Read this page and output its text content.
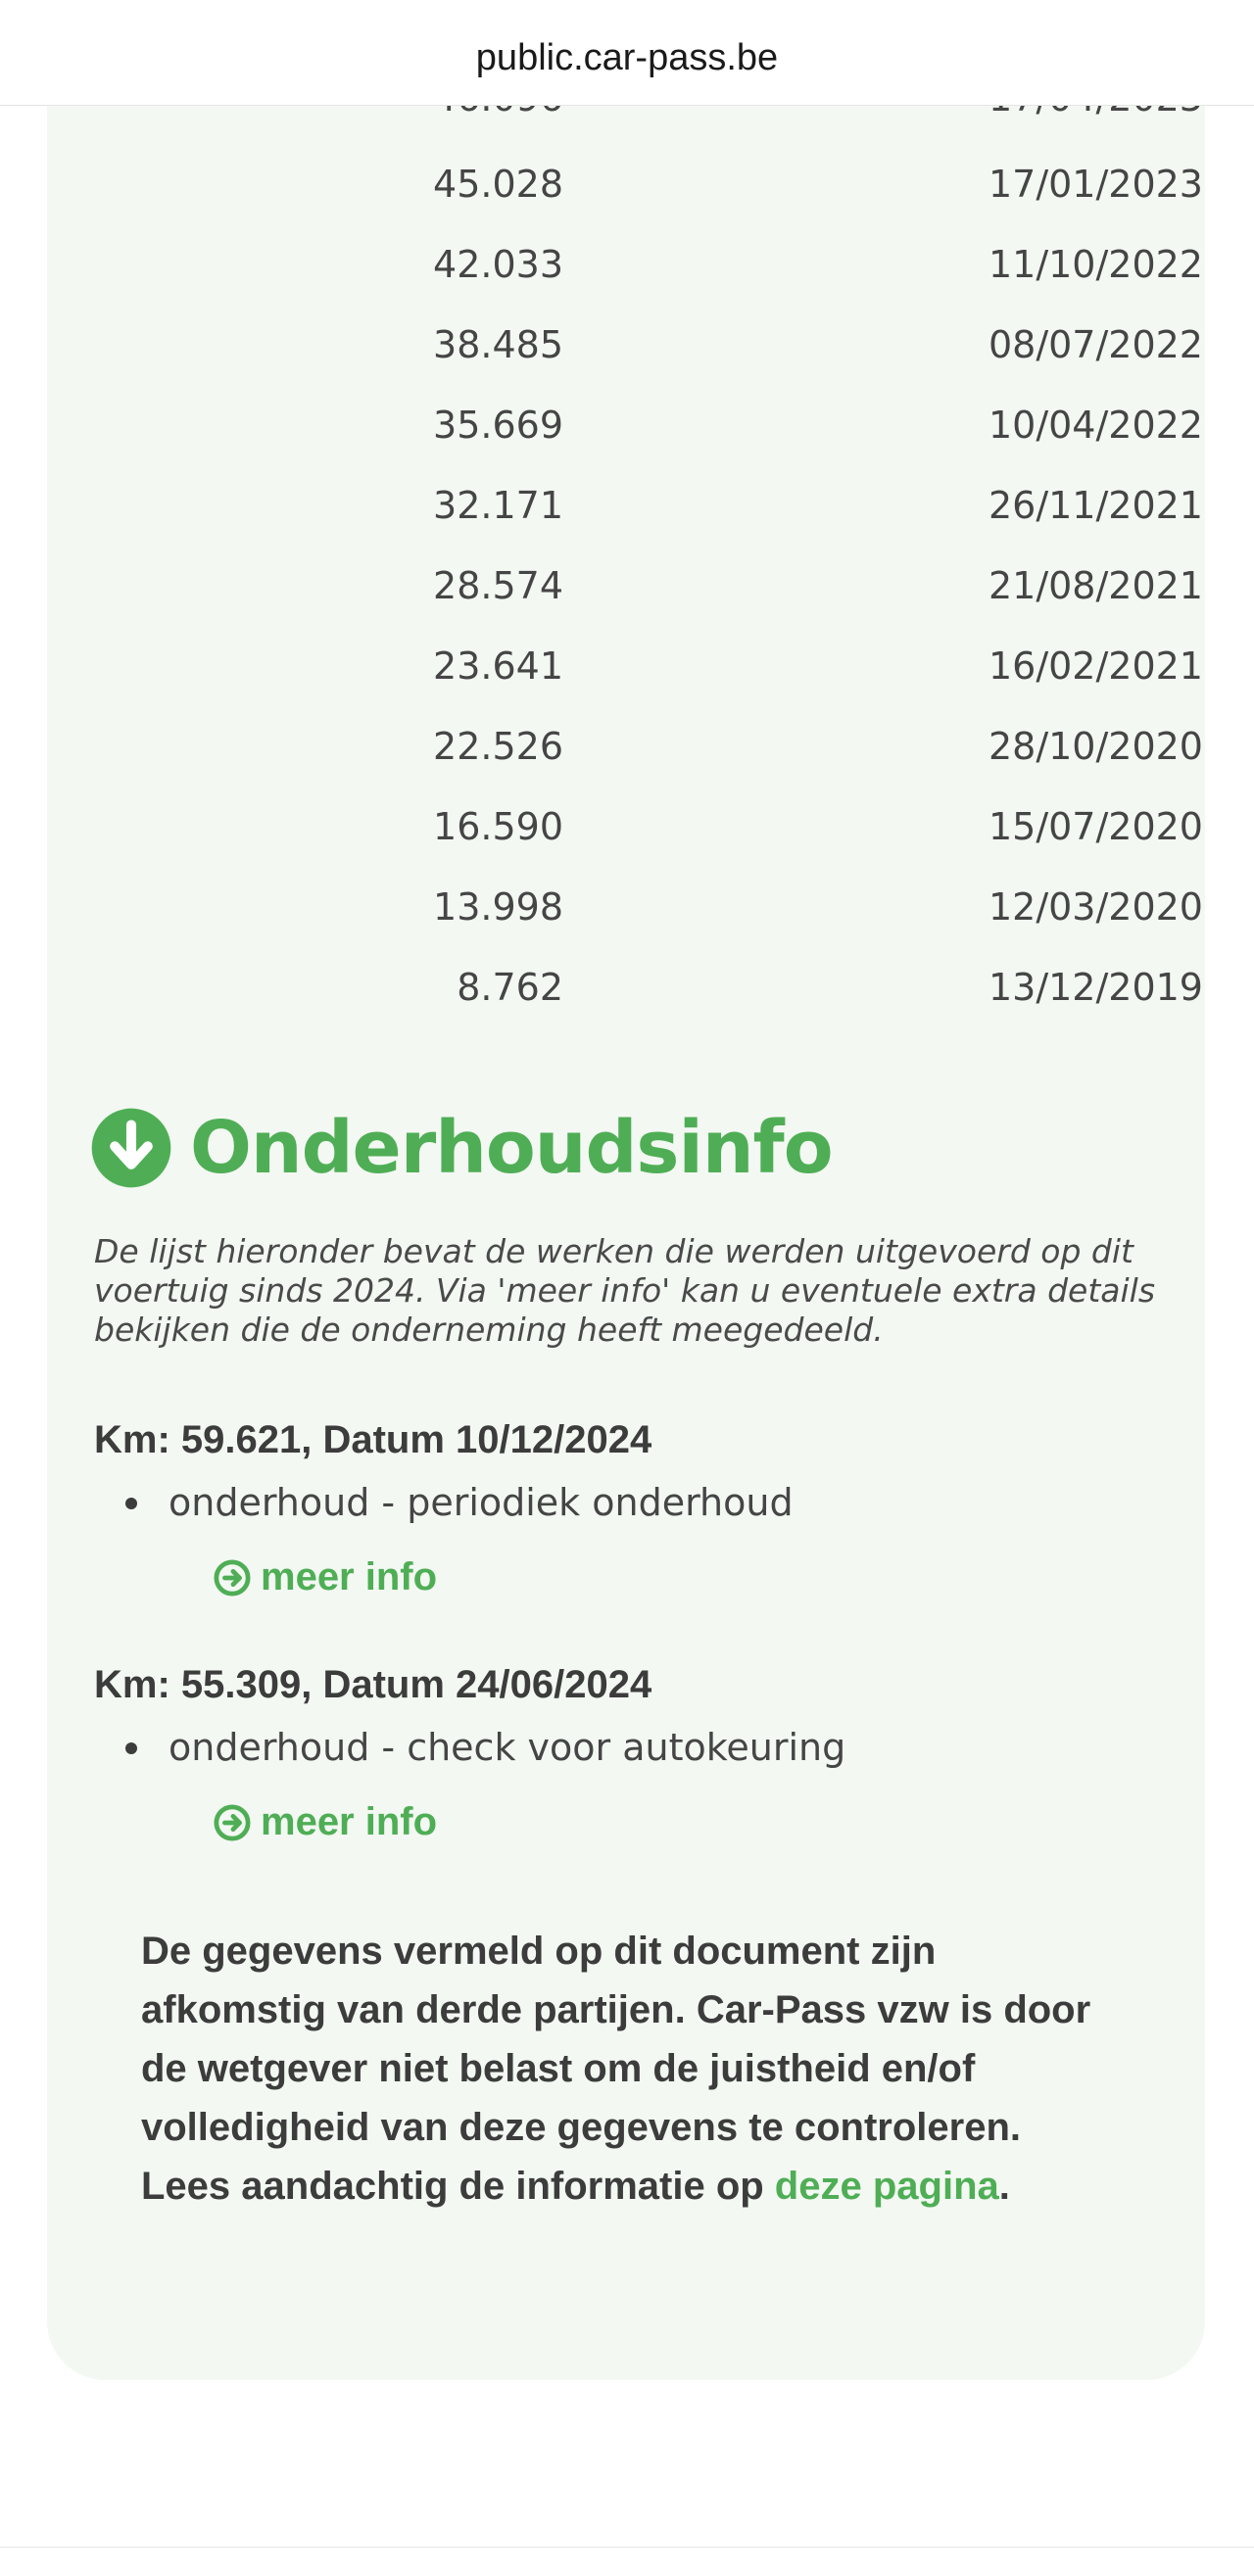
45.028	17/01/2023
42.033	11/10/2022
38.485	08/07/2022
35.669	10/04/2022
32.171	26/11/2021
28.574	21/08/2021
23.641	16/02/2021
22.526	28/10/2020
16.590	15/07/2020
13.998	12/03/2020
8.762	13/12/2019
public.car-pass.be
Onderhoudsinfo
De lijst hieronder bevat de werken die werden uitgevoerd op dit voertuig sinds 2024. Via 'meer info' kan u eventuele extra details bekijken die de onderneming heeft meegedeeld.
Km: 59.621, Datum 10/12/2024
onderhoud - periodiek onderhoud
meer info
Km: 55.309, Datum 24/06/2024
onderhoud - check voor autokeuring
meer info
De gegevens vermeld op dit document zijn afkomstig van derde partijen. Car-Pass vzw is door de wetgever niet belast om de juistheid en/of volledigheid van deze gegevens te controleren. Lees aandachtig de informatie op deze pagina.
